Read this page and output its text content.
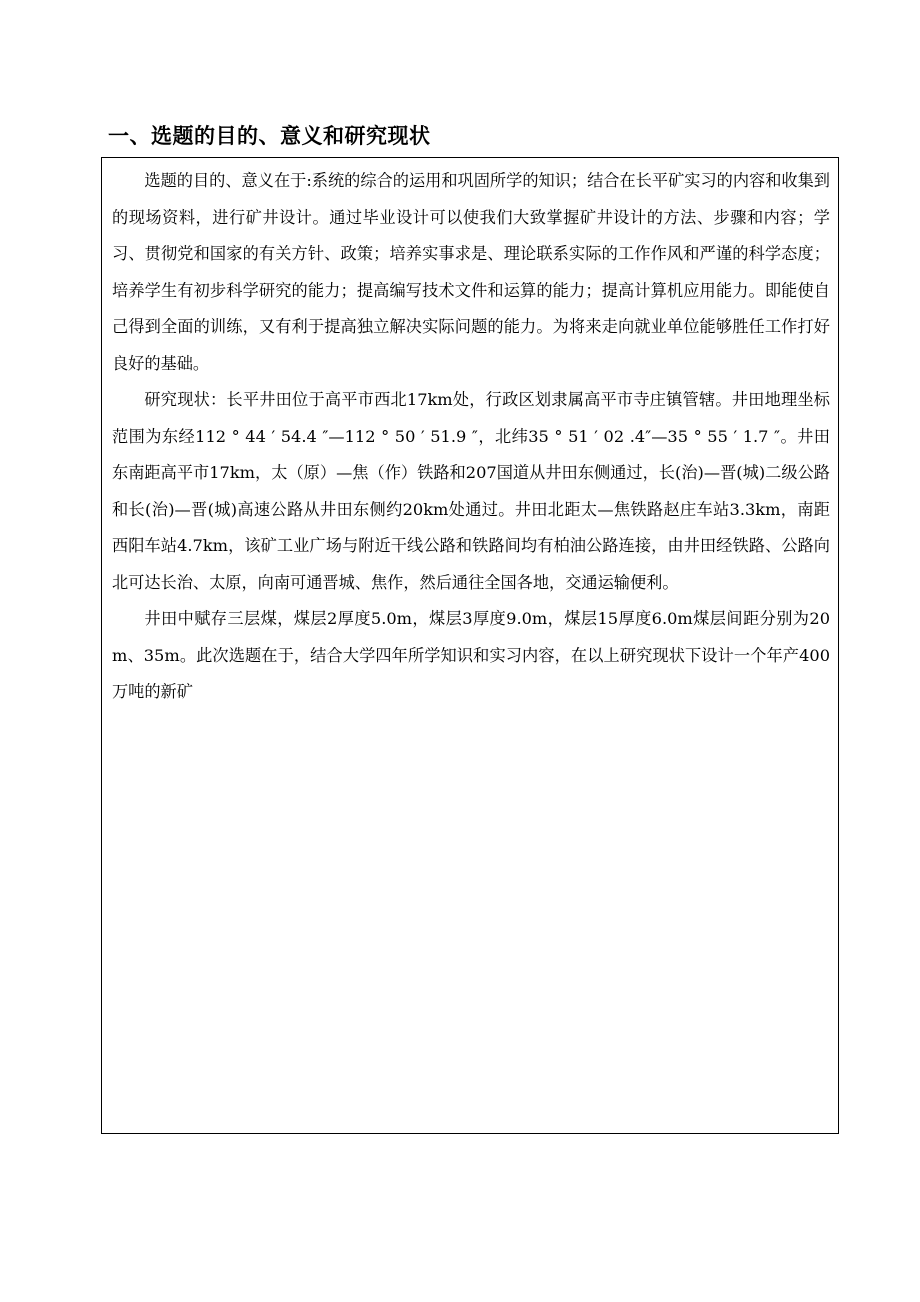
一、选题的目的、意义和研究现状

选题的目的、意义在于:系统的综合的运用和巩固所学的知识；结合在长平矿实习的内容和收集到的现场资料，进行矿井设计。通过毕业设计可以使我们大致掌握矿井设计的方法、步骤和内容；学习、贯彻党和国家的有关方针、政策；培养实事求是、理论联系实际的工作作风和严谨的科学态度；培养学生有初步科学研究的能力；提高编写技术文件和运算的能力；提高计算机应用能力。即能使自己得到全面的训练，又有利于提高独立解决实际问题的能力。为将来走向就业单位能够胜任工作打好良好的基础。

研究现状：长平井田位于高平市西北17km处，行政区划隶属高平市寺庄镇管辖。井田地理坐标范围为东经112 ° 44 ′ 54.4 ″—112 ° 50 ′ 51.9 ″，北纬35 ° 51 ′ 02 .4″—35 ° 55 ′ 1.7 ″。井田东南距高平市17km，太（原）—焦（作）铁路和207国道从井田东侧通过，长(治)—晋(城)二级公路和长(治)—晋(城)高速公路从井田东侧约20km处通过。井田北距太—焦铁路赵庄车站3.3km，南距西阳车站4.7km，该矿工业广场与附近干线公路和铁路间均有柏油公路连接，由井田经铁路、公路向北可达长治、太原，向南可通晋城、焦作，然后通往全国各地，交通运输便利。

井田中赋存三层煤，煤层2厚度5.0m，煤层3厚度9.0m，煤层15厚度6.0m煤层间距分别为20m、35m。此次选题在于，结合大学四年所学知识和实习内容，在以上研究现状下设计一个年产400万吨的新矿
